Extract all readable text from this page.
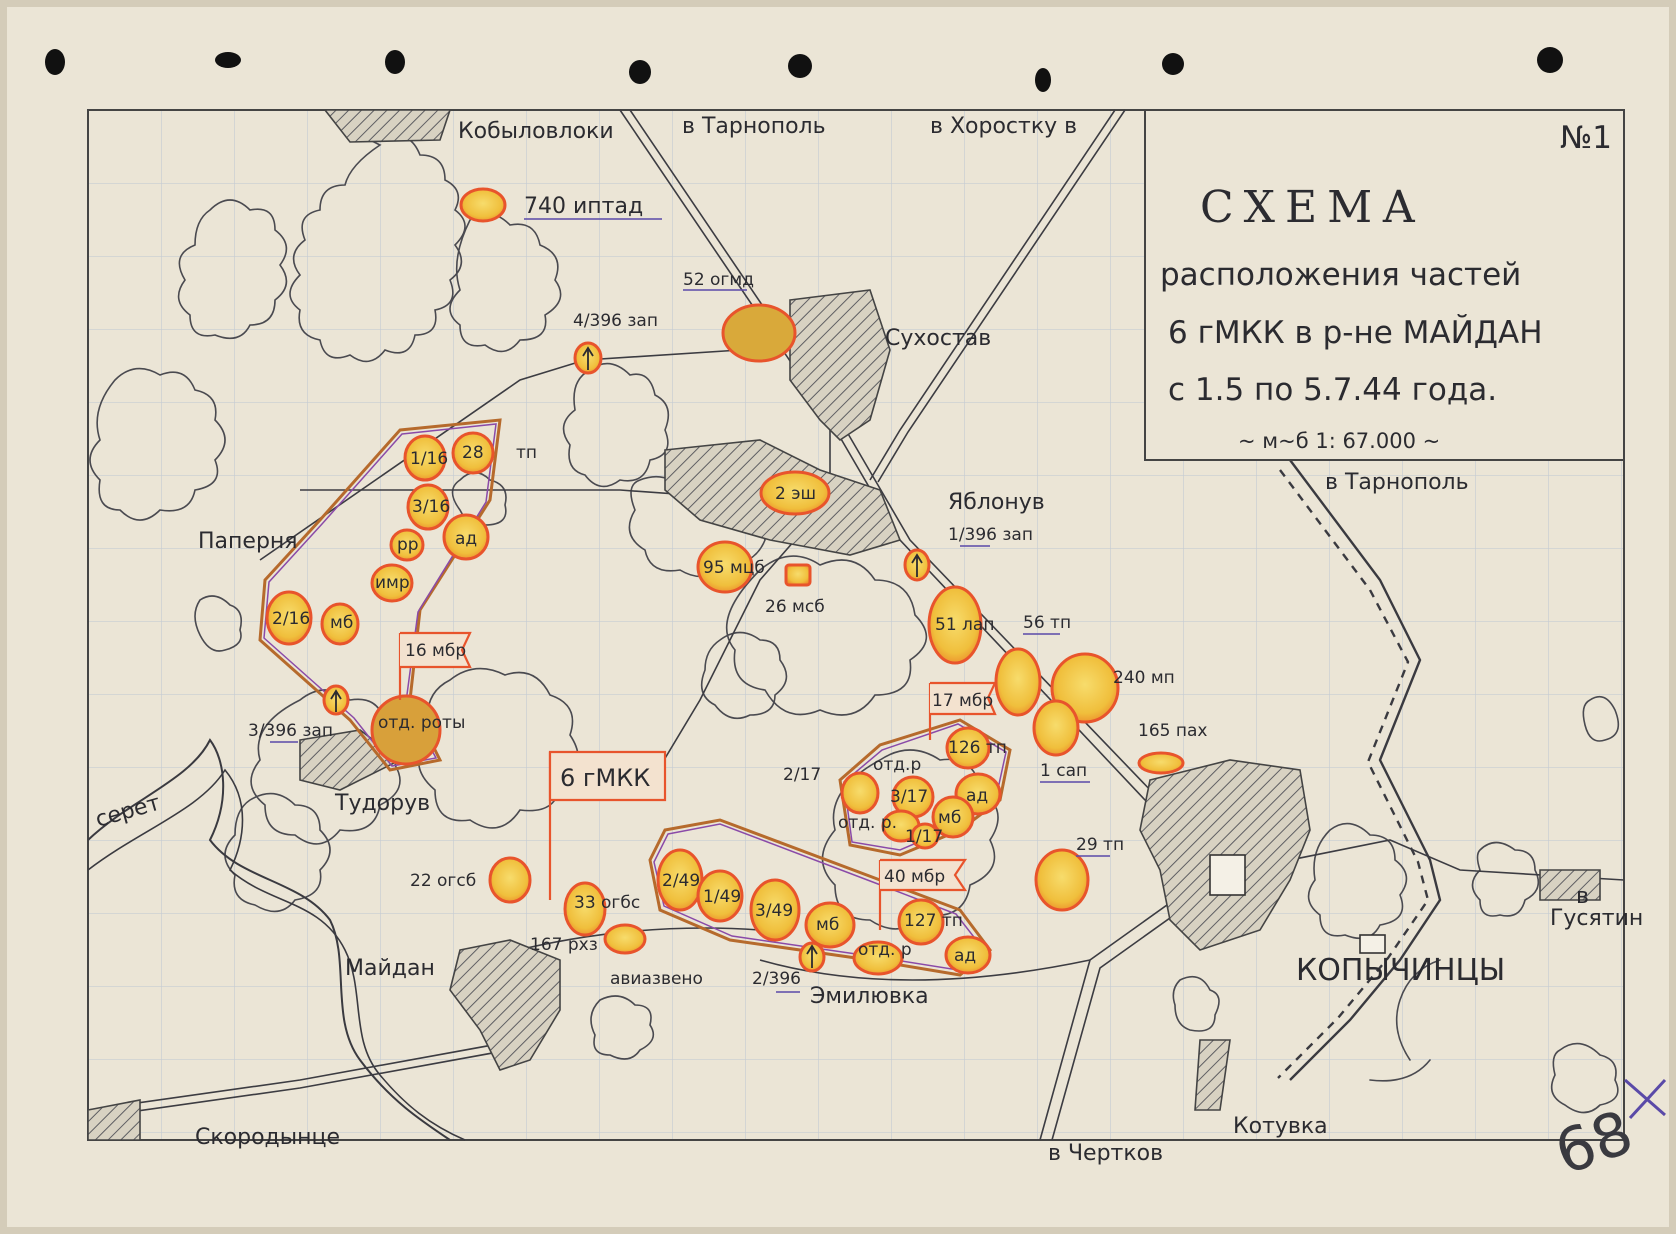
№1
СХЕМА
расположения частей
6 гМКК в р-не МАЙДАН
с 1.5 по 5.7.44 года.
~ м~б 1: 67.000 ~
Кобыловлоки
Сухостав
Яблонув
Паперня
Тудорув
серет
Майдан
Скородынце
Эмилювка
КОПЫЧИНЦЫ
Котувка
в Тарнополь	в Хоростку в
в Тарнополь
в Чертков
в
Гусятин
740 иптад
52 огмд
4/396 зап
1/16 28 тп
3/16
рр ад
имр
2/16 мб
16 мбр
3/396 зап	отд. роты
2 эш
1/396 зап
95 мцб
26 мсб
51 лап 56 тп
240 мп
17 мбр
126 тп
отд.р
165 пах
1 сап
2/17
3/17 ад
мб
отд. р.
1/17
6 гМКК
29 тп
22 огсб	2/49
1/49
3/49
мб
40 мбр
33 огбс
127 тп
отд. р ад
167 рхз
авиазвено	2/396
68
